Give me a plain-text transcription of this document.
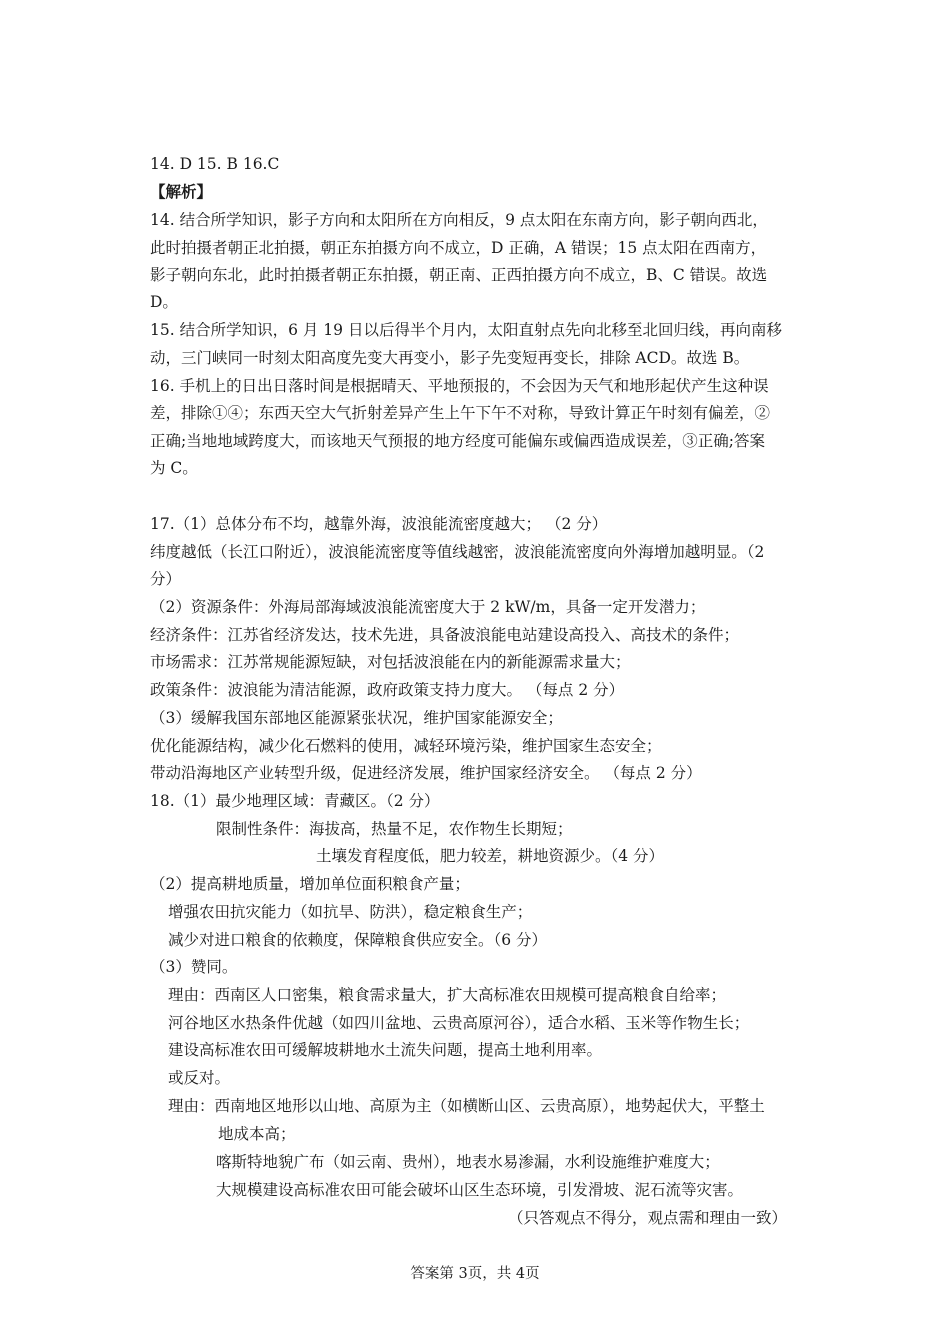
14. D 15. B 16.C
【解析】
14. 结合所学知识，影子方向和太阳所在方向相反，9 点太阳在东南方向，影子朝向西北，
此时拍摄者朝正北拍摄，朝正东拍摄方向不成立，D 正确，A 错误；15 点太阳在西南方，
影子朝向东北，此时拍摄者朝正东拍摄，朝正南、正西拍摄方向不成立，B、C 错误。故选
D。
15. 结合所学知识，6 月 19 日以后得半个月内，太阳直射点先向北移至北回归线，再向南移
动，三门峡同一时刻太阳高度先变大再变小，影子先变短再变长，排除 ACD。故选 B。
16. 手机上的日出日落时间是根据晴天、平地预报的，不会因为天气和地形起伏产生这种误
差，排除①④；东西天空大气折射差异产生上午下午不对称，导致计算正午时刻有偏差，②
正确;当地地域跨度大，而该地天气预报的地方经度可能偏东或偏西造成误差，③正确;答案
为 C。
17.（1）总体分布不均，越靠外海，波浪能流密度越大； （2 分）
纬度越低（长江口附近），波浪能流密度等值线越密，波浪能流密度向外海增加越明显。（2
分）
（2）资源条件：外海局部海域波浪能流密度大于 2 kW/m，具备一定开发潜力；
经济条件：江苏省经济发达，技术先进，具备波浪能电站建设高投入、高技术的条件；
市场需求：江苏常规能源短缺，对包括波浪能在内的新能源需求量大；
政策条件：波浪能为清洁能源，政府政策支持力度大。 （每点 2 分）
（3）缓解我国东部地区能源紧张状况，维护国家能源安全；
优化能源结构，减少化石燃料的使用，减轻环境污染，维护国家生态安全；
带动沿海地区产业转型升级，促进经济发展，维护国家经济安全。 （每点 2 分）
18.（1）最少地理区域：青藏区。（2 分）
限制性条件：海拔高，热量不足，农作物生长期短；
土壤发育程度低，肥力较差，耕地资源少。（4 分）
（2）提高耕地质量，增加单位面积粮食产量；
增强农田抗灾能力（如抗旱、防洪），稳定粮食生产；
减少对进口粮食的依赖度，保障粮食供应安全。（6 分）
（3）赞同。
理由：西南区人口密集，粮食需求量大，扩大高标准农田规模可提高粮食自给率；
河谷地区水热条件优越（如四川盆地、云贵高原河谷），适合水稻、玉米等作物生长；
建设高标准农田可缓解坡耕地水土流失问题，提高土地利用率。
或反对。
理由：西南地区地形以山地、高原为主（如横断山区、云贵高原），地势起伏大，平整土
地成本高；
喀斯特地貌广布（如云南、贵州），地表水易渗漏，水利设施维护难度大；
大规模建设高标准农田可能会破坏山区生态环境，引发滑坡、泥石流等灾害。
（只答观点不得分，观点需和理由一致）
答案第 3页，共 4页
